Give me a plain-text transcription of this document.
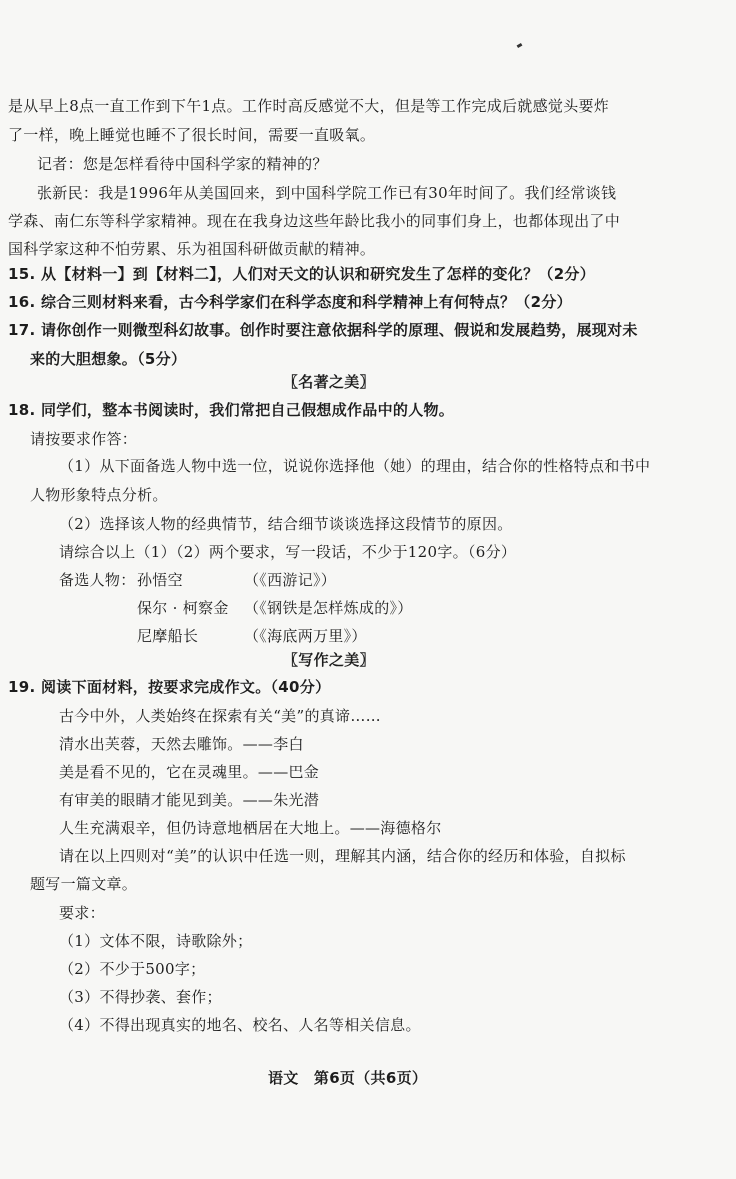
是从早上8点一直工作到下午1点。工作时高反感觉不大，但是等工作完成后就感觉头要炸
了一样，晚上睡觉也睡不了很长时间，需要一直吸氧。
记者：您是怎样看待中国科学家的精神的？
张新民：我是1996年从美国回来，到中国科学院工作已有30年时间了。我们经常谈钱
学森、南仁东等科学家精神。现在在我身边这些年龄比我小的同事们身上，也都体现出了中
国科学家这种不怕劳累、乐为祖国科研做贡献的精神。
15. 从【材料一】到【材料二】，人们对天文的认识和研究发生了怎样的变化？（2分）
16. 综合三则材料来看，古今科学家们在科学态度和科学精神上有何特点？（2分）
17. 请你创作一则微型科幻故事。创作时要注意依据科学的原理、假说和发展趋势，展现对未
来的大胆想象。（5分）
〖名著之美〗
18. 同学们，整本书阅读时，我们常把自己假想成作品中的人物。
请按要求作答：
（1）从下面备选人物中选一位，说说你选择他（她）的理由，结合你的性格特点和书中
人物形象特点分析。
（2）选择该人物的经典情节，结合细节谈谈选择这段情节的原因。
请综合以上（1）（2）两个要求，写一段话，不少于120字。（6分）
备选人物： 孙悟空	（《西游记》）
保尔 · 柯察金 （《钢铁是怎样炼成的》）
尼摩船长	（《海底两万里》）
〖写作之美〗
19. 阅读下面材料，按要求完成作文。（40分）
古今中外，人类始终在探索有关“美”的真谛……
清水出芙蓉，天然去雕饰。——李白
美是看不见的，它在灵魂里。——巴金
有审美的眼睛才能见到美。——朱光潜
人生充满艰辛，但仍诗意地栖居在大地上。——海德格尔
请在以上四则对“美”的认识中任选一则，理解其内涵，结合你的经历和体验，自拟标
题写一篇文章。
要求：
（1）文体不限，诗歌除外；
（2）不少于500字；
（3）不得抄袭、套作；
（4）不得出现真实的地名、校名、人名等相关信息。
语文　第6页（共6页）
